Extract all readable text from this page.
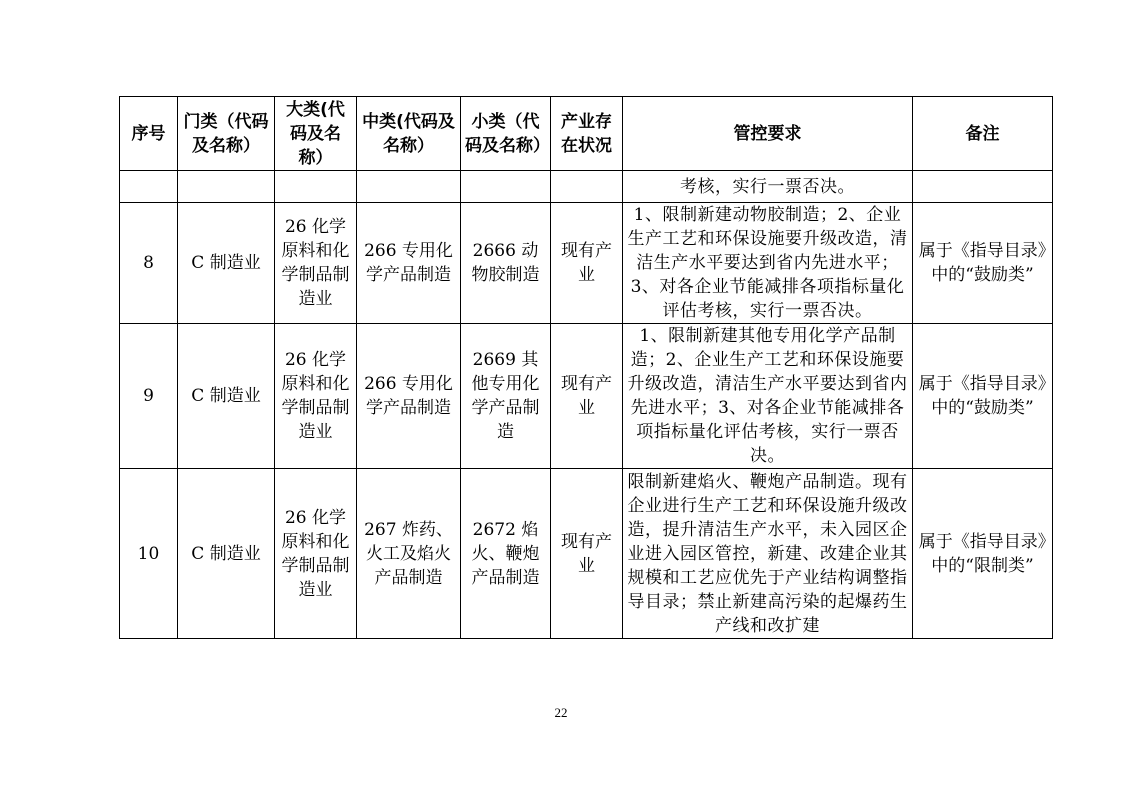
序号	门类（代码及名称）	大类(代码及名称）	中类(代码及名称）	小类（代码及名称）	产业存在状况	管控要求	备注
						考核，实行一票否决。	
8	C 制造业	26 化学原料和化学制品制造业	266 专用化学产品制造	2666 动物胶制造	现有产业	1、限制新建动物胶制造；2、企业生产工艺和环保设施要升级改造，清洁生产水平要达到省内先进水平；3、对各企业节能减排各项指标量化评估考核，实行一票否决。	属于《指导目录》中的“鼓励类”
9	C 制造业	26 化学原料和化学制品制造业	266 专用化学产品制造	2669 其他专用化学产品制造	现有产业	1、限制新建其他专用化学产品制造；2、企业生产工艺和环保设施要升级改造，清洁生产水平要达到省内先进水平；3、对各企业节能减排各项指标量化评估考核，实行一票否决。	属于《指导目录》中的“鼓励类”
10	C 制造业	26 化学原料和化学制品制造业	267 炸药、火工及焰火产品制造	2672 焰火、鞭炮产品制造	现有产业	限制新建焰火、鞭炮产品制造。现有企业进行生产工艺和环保设施升级改造，提升清洁生产水平，未入园区企业进入园区管控，新建、改建企业其规模和工艺应优先于产业结构调整指导目录；禁止新建高污染的起爆药生产线和改扩建	属于《指导目录》中的“限制类”
22
